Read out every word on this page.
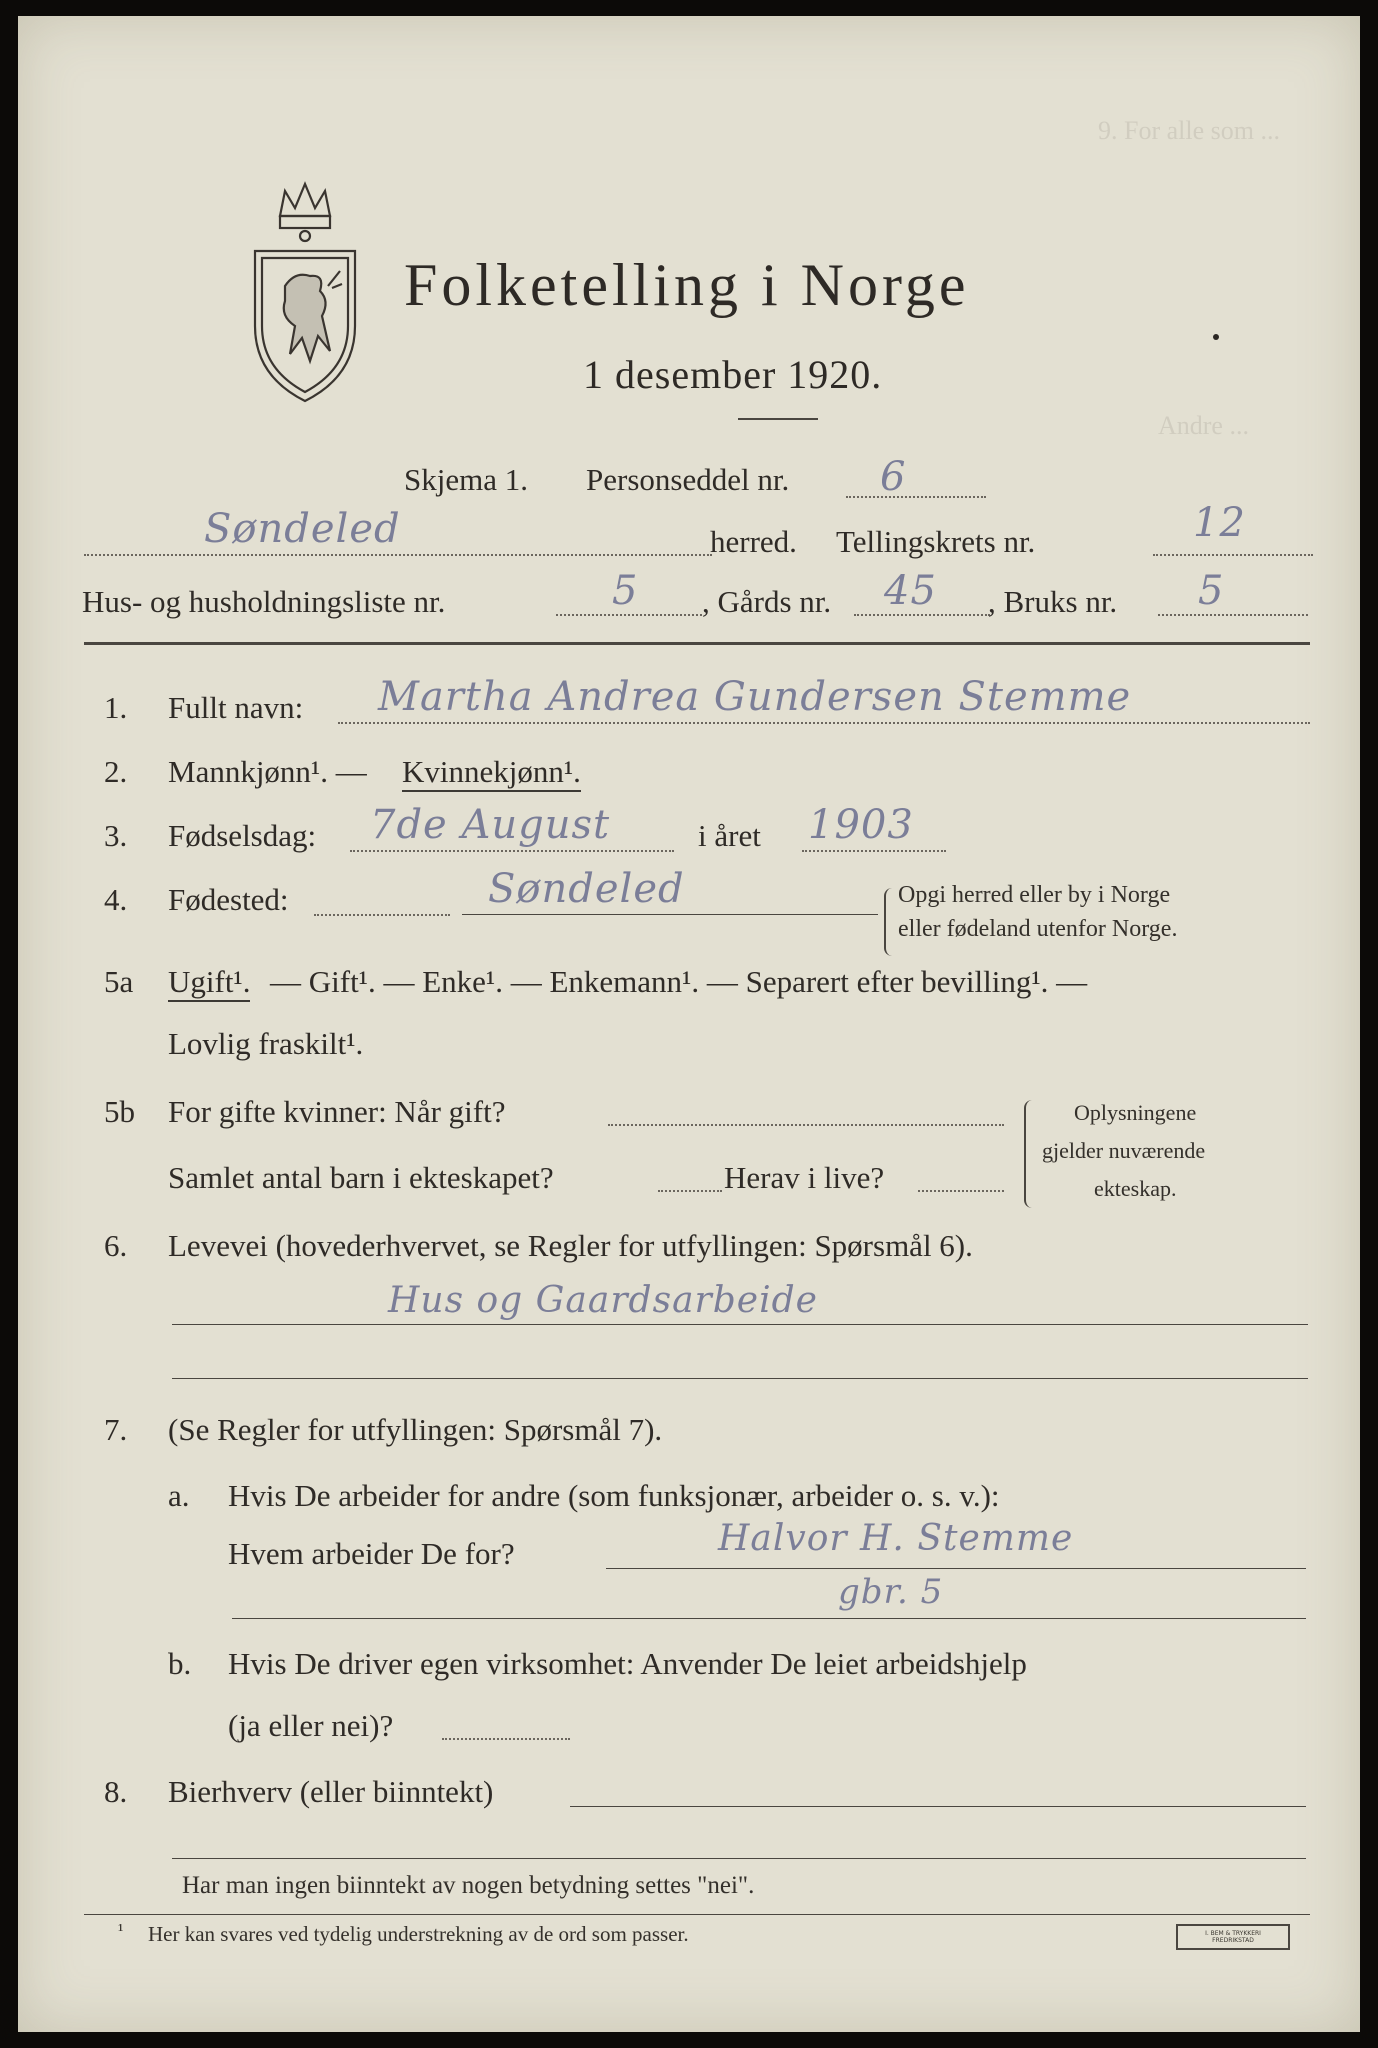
9. For alle som ...
Andre ...
Folketelling i Norge
1 desember 1920.
Skjema 1. Personseddel nr. 6
Søndeled	herred. Tellingskrets nr.	12
Hus- og husholdningsliste nr.	5 , Gårds nr. 45 , Bruks nr. 5
1. Fullt navn: Martha Andrea Gundersen Stemme
2. Mannkjønn¹. — Kvinnekjønn¹.
3. Fødselsdag: 7de August	i året 1903
4. Fødested:	Søndeled	Opgi herred eller by i Norge
eller fødeland utenfor Norge.
5a Ugift¹. — Gift¹. — Enke¹. — Enkemann¹. — Separert efter bevilling¹. —
Lovlig fraskilt¹.
5b For gifte kvinner: Når gift?
Samlet antal barn i ekteskapet?	Herav i live?
Oplysningene
gjelder nuværende
ekteskap.
6. Levevei (hovederhvervet, se Regler for utfyllingen: Spørsmål 6).
Hus og Gaardsarbeide
7. (Se Regler for utfyllingen: Spørsmål 7).
a. Hvis De arbeider for andre (som funksjonær, arbeider o. s. v.):
Hvem arbeider De for?	Halvor H. Stemme
gbr. 5
b. Hvis De driver egen virksomhet: Anvender De leiet arbeidshjelp
(ja eller nei)?
8. Bierhverv (eller biinntekt)
Har man ingen biinntekt av nogen betydning settes "nei".
¹ Her kan svares ved tydelig understrekning av de ord som passer.	I. BEM & TRYKKERI FREDRIKSTAD
